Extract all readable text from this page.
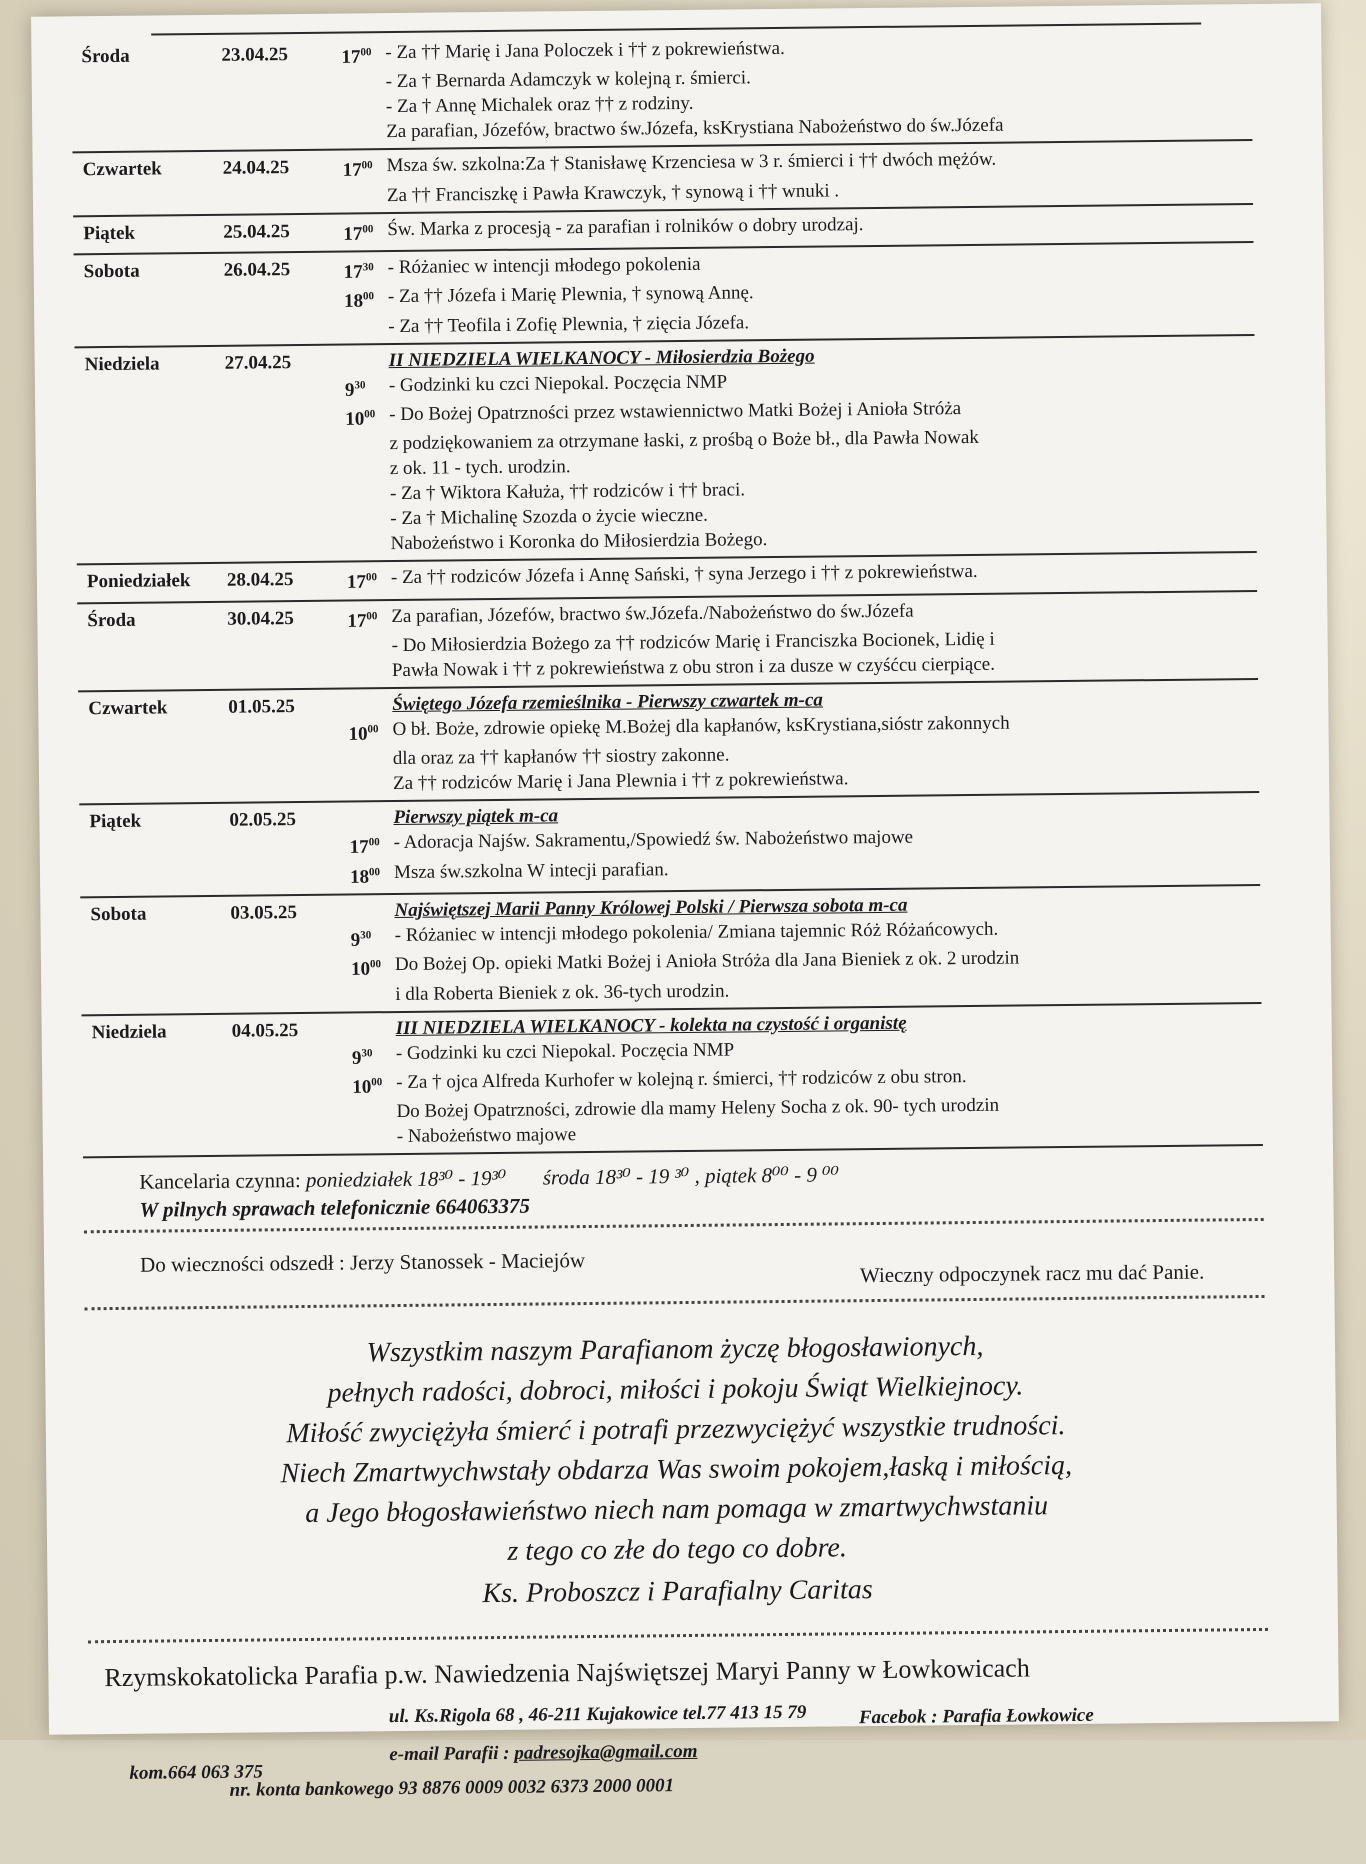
Środa	23.04.25	$17^{00}$ - Za †† Marię i Jana Poloczek i †† z pokrewieństwa.
- Za † Bernarda Adamczyk w kolejną r. śmierci.
- Za † Annę Michalek oraz †† z rodziny.
Za parafian, Józefów, bractwo św.Józefa, ksKrystiana Nabożeństwo do św.Józefa
Czwartek	24.04.25	$17^{00}$ Msza św. szkolna:Za † Stanisławę Krzenciesa w 3 r. śmierci i †† dwóch mężów.
Za †† Franciszkę i Pawła Krawczyk, † synową i †† wnuki .
Piątek	25.04.25	$17^{00}$ Św. Marka z procesją - za parafian i rolników o dobry urodzaj.
Sobota	26.04.25	$17^{30}$ - Różaniec w intencji młodego pokolenia
$18^{00}$ - Za †† Józefa i Marię Plewnia, † synową Annę.
- Za †† Teofila i Zofię Plewnia, † zięcia Józefa.
Niedziela	27.04.25	II NIEDZIELA WIELKANOCY - Miłosierdzia Bożego
$9^{30}$	- Godzinki ku czci Niepokal. Poczęcia NMP
$10^{00}$ - Do Bożej Opatrzności przez wstawiennictwo Matki Bożej i Anioła Stróża
z podziękowaniem za otrzymane łaski, z prośbą o Boże bł., dla Pawła Nowak
z ok. 11 - tych. urodzin.
- Za † Wiktora Kałuża, †† rodziców i †† braci.
- Za † Michalinę Szozda o życie wieczne.
Nabożeństwo i Koronka do Miłosierdzia Bożego.
Poniedziałek	28.04.25	$17^{00}$ - Za †† rodziców Józefa i Annę Sański, † syna Jerzego i †† z pokrewieństwa.
Środa	30.04.25	$17^{00}$ Za parafian, Józefów, bractwo św.Józefa./Nabożeństwo do św.Józefa
- Do Miłosierdzia Bożego za †† rodziców Marię i Franciszka Bocionek, Lidię i
Pawła Nowak i †† z pokrewieństwa z obu stron i za dusze w czyśćcu cierpiące.
Czwartek	01.05.25	Świętego Józefa rzemieślnika - Pierwszy czwartek m-ca
$10^{00}$ O bł. Boże, zdrowie opiekę M.Bożej dla kapłanów, ksKrystiana,sióstr zakonnych
dla oraz za †† kapłanów †† siostry zakonne.
Za †† rodziców Marię i Jana Plewnia i †† z pokrewieństwa.
Piątek	02.05.25	Pierwszy piątek m-ca
$17^{00}$ - Adoracja Najśw. Sakramentu,/Spowiedź św. Nabożeństwo majowe
$18^{00}$ Msza św.szkolna W intecji parafian.
Sobota	03.05.25	Najświętszej Marii Panny Królowej Polski / Pierwsza sobota m-ca
$9^{30}$	- Różaniec w intencji młodego pokolenia/ Zmiana tajemnic Róż Różańcowych.
$10^{00}$ Do Bożej Op. opieki Matki Bożej i Anioła Stróża dla Jana Bieniek z ok. 2 urodzin
i dla Roberta Bieniek z ok. 36-tych urodzin.
Niedziela	04.05.25	III NIEDZIELA WIELKANOCY - kolekta na czystość i organistę
$9^{30}$	- Godzinki ku czci Niepokal. Poczęcia NMP
$10^{00}$ - Za † ojca Alfreda Kurhofer w kolejną r. śmierci, †† rodziców z obu stron.
Do Bożej Opatrzności, zdrowie dla mamy Heleny Socha z ok. 90- tych urodzin
- Nabożeństwo majowe
Kancelaria czynna: poniedziałek 18³⁰ - 19³⁰ środa 18³⁰ - 19 ³⁰ , piątek 8⁰⁰ - 9 ⁰⁰
W pilnych sprawach telefonicznie 664063375
Do wieczności odszedł : Jerzy Stanossek - Maciejów	Wieczny odpoczynek racz mu dać Panie.
Wszystkim naszym Parafianom życzę błogosławionych,
pełnych radości, dobroci, miłości i pokoju Świąt Wielkiejnocy.
Miłość zwyciężyła śmierć i potrafi przezwyciężyć wszystkie trudności.
Niech Zmartwychwstały obdarza Was swoim pokojem,łaską i miłością,
a Jego błogosławieństwo niech nam pomaga w zmartwychwstaniu
z tego co złe do tego co dobre.
Ks. Proboszcz i Parafialny Caritas
Rzymskokatolicka Parafia p.w. Nawiedzenia Najświętszej Maryi Panny w Łowkowicach
ul. Ks.Rigola 68 , 46-211 Kujakowice tel.77 413 15 79	Facebok : Parafia Łowkowice
e-mail Parafii : padresojka@gmail.com
kom.664 063 375
nr. konta bankowego 93 8876 0009 0032 6373 2000 0001
